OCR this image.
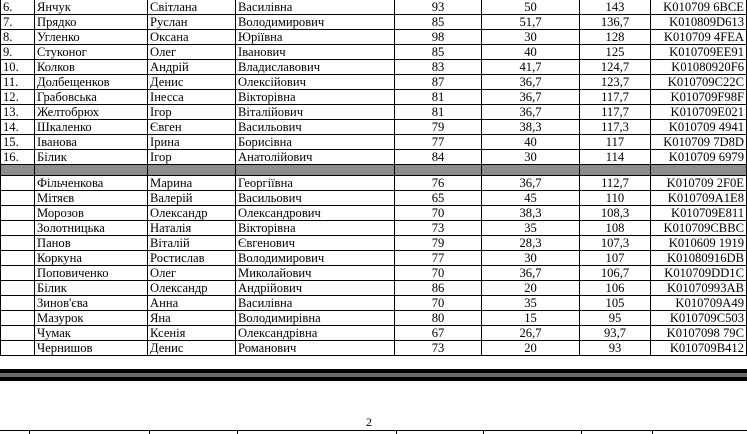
6.	Янчук	Світлана	Василівна	93	50	143	K010709 6BCE
7.	Прядко	Руслан	Володимирович	85	51,7	136,7	K010809D613
8.	Угленко	Оксана	Юріївна	98	30	128	K010709 4FEA
9.	Стуконог	Олег	Іванович	85	40	125	K010709EE91
10.	Колков	Андрій	Владиславович	83	41,7	124,7	K01080920F6
11.	Долбещенков	Денис	Олексійович	87	36,7	123,7	K010709C22C
12.	Грабовська	Інесса	Вікторівна	81	36,7	117,7	K010709F98F
13.	Желтобрюх	Ігор	Віталійович	81	36,7	117,7	K010709E021
14.	Шкаленко	Євген	Васильович	79	38,3	117,3	K010709 4941
15.	Іванова	Ірина	Борисівна	77	40	117	K010709 7D8D
16.	Білик	Ігор	Анатолійович	84	30	114	K010709 6979

	Фільченкова	Марина	Георгіївна	76	36,7	112,7	K010709 2F0E
	Мітяєв	Валерій	Васильович	65	45	110	K010709A1E8
	Морозов	Олександр	Олександрович	70	38,3	108,3	K010709E811
	Золотницька	Наталія	Вікторівна	73	35	108	K010709CBBC
	Панов	Віталій	Євгенович	79	28,3	107,3	K010609 1919
	Коркуна	Ростислав	Володимирович	77	30	107	K01080916DB
	Поповиченко	Олег	Миколайович	70	36,7	106,7	K010709DD1C
	Білик	Олександр	Андрійович	86	20	106	K01070993AB
	Зинов'єва	Анна	Василівна	70	35	105	K010709A49
	Мазурок	Яна	Володимирівна	80	15	95	K010709C503
	Чумак	Ксенія	Олександрівна	67	26,7	93,7	K0107098 79C
	Чернишов	Денис	Романович	73	20	93	K010709B412
2
